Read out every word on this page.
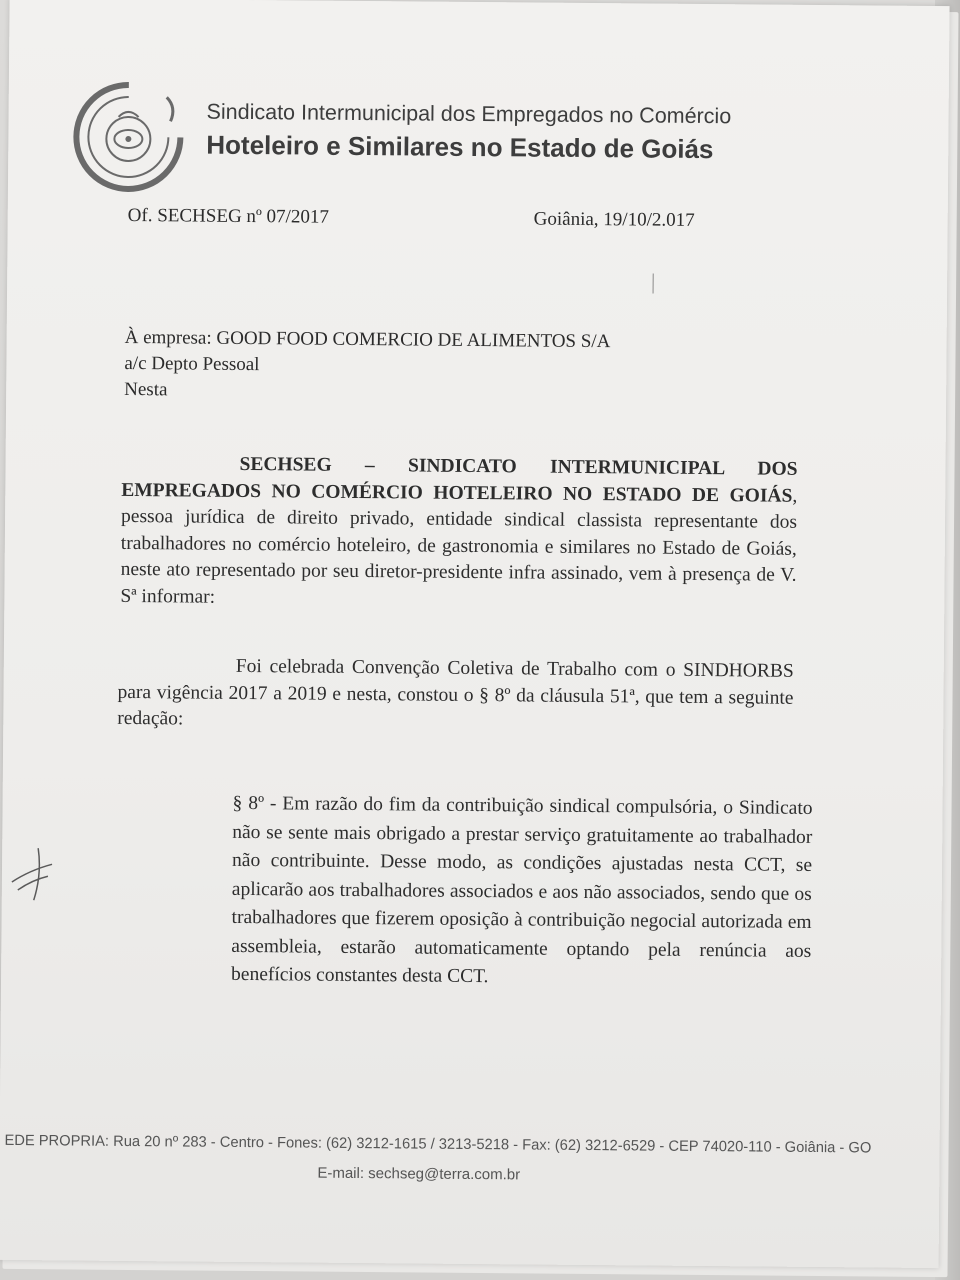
Sindicato Intermunicipal dos Empregados no Comércio
Hoteleiro e Similares no Estado de Goiás
Of. SECHSEG nº 07/2017	Goiânia, 19/10/2.017
À empresa: GOOD FOOD COMERCIO DE ALIMENTOS S/A
a/c Depto Pessoal
Nesta
SECHSEG – SINDICATO INTERMUNICIPAL DOS EMPREGADOS NO COMÉRCIO HOTELEIRO NO ESTADO DE GOIÁS, pessoa jurídica de direito privado, entidade sindical classista representante dos trabalhadores no comércio hoteleiro, de gastronomia e similares no Estado de Goiás, neste ato representado por seu diretor-presidente infra assinado, vem à presença de V. Sª informar:
Foi celebrada Convenção Coletiva de Trabalho com o SINDHORBS para vigência 2017 a 2019 e nesta, constou o § 8º da cláusula 51ª, que tem a seguinte redação:
§ 8º - Em razão do fim da contribuição sindical compulsória, o Sindicato não se sente mais obrigado a prestar serviço gratuitamente ao trabalhador não contribuinte. Desse modo, as condições ajustadas nesta CCT, se aplicarão aos trabalhadores associados e aos não associados, sendo que os trabalhadores que fizerem oposição à contribuição negocial autorizada em assembleia, estarão automaticamente optando pela renúncia aos benefícios constantes desta CCT.
EDE PROPRIA: Rua 20 nº 283 - Centro - Fones: (62) 3212-1615 / 3213-5218 - Fax: (62) 3212-6529 - CEP 74020-110 - Goiânia - GO
E-mail: sechseg@terra.com.br
